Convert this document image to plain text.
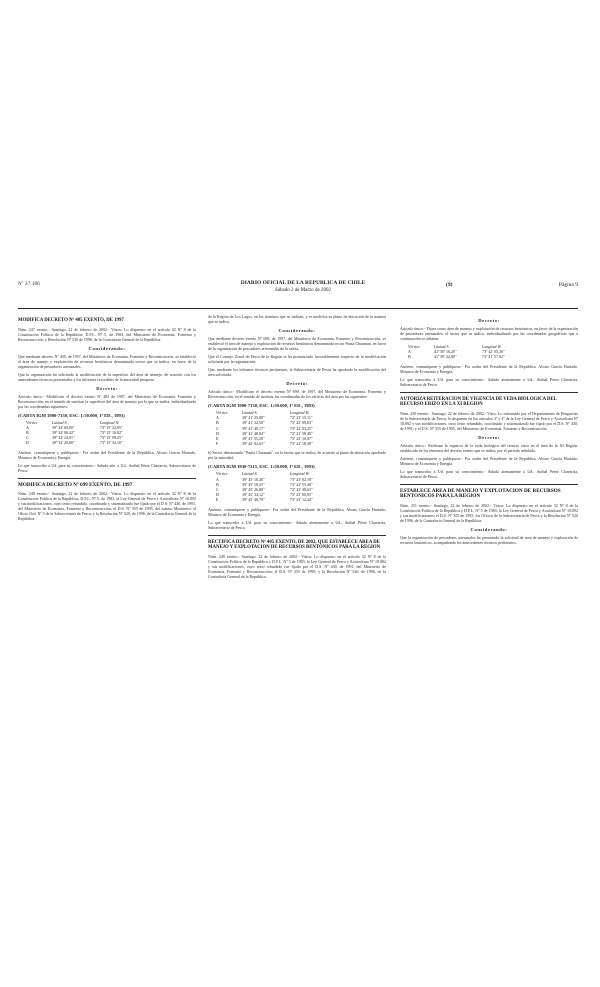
Nº 37.186	DIARIO OFICIAL DE LA REPUBLICA DE CHILE
Sábado 2 de Marzo de 2002
(9)	Página 9
MODIFICA DECRETO Nº 405 EXENTO, DE 1997

Núm. 247 exento.- Santiago, 22 de febrero de 2002.- Vistos: Lo dispuesto en el artículo 32 Nº 8 de la Constitución Política de la República; D.F.L. Nº 5, de 1983, del Ministerio de Economía, Fomento y Reconstrucción; y Resolución Nº 520 de 1996, de la Contraloría General de la República.

Considerando:

Que mediante decreto Nº 405, de 1997, del Ministerio de Economía, Fomento y Reconstrucción, se estableció el área de manejo y explotación de recursos bentónicos denominada sector que se indica, en favor de la organización de pescadores artesanales.

Que la organización ha solicitado la modificación de la superficie del área de manejo, de acuerdo con los antecedentes técnicos presentados y los informes favorables de la autoridad pesquera.

Decreto:

Artículo único.- Modifícase el decreto exento Nº 405 de 1997, del Ministerio de Economía, Fomento y Reconstrucción, en el sentido de sustituir la superficie del área de manejo por la que se indica, individualizada por las coordenadas siguientes:

(CARTA IGM 3900-7130, ESC. 1:50.000, 1ª ED., 1993)
Vértice	Latitud S.	Longitud W.
A	39º 34' 00,00"	73º 15' 22,95"
B	39º 34' 08,42"	73º 15' 16,82"
C	39º 34' 24,91"	73º 15' 09,25"
D	39º 34' 29,60"	73º 15' 32,10"

Anótese, comuníquese y publíquese.- Por orden del Presidente de la República, Alvaro García Hurtado, Ministro de Economía y Energía.

Lo que transcribo a Ud. para su conocimiento.- Saluda atte. a Ud., Aníbal Pérez Chavarría, Subsecretario de Pesca.

MODIFICA DECRETO Nº 699 EXENTO, DE 1997

Núm. 248 exento.- Santiago, 22 de febrero de 2002.- Vistos: Lo dispuesto en el artículo 32 Nº 8 de la Constitución Política de la República; D.F.L. Nº 5, de 1983, la Ley General de Pesca y Acuicultura Nº 18.892 y sus modificaciones, cuyo texto refundido, coordinado y sistematizado fue fijado por el D.S. Nº 430, de 1991, del Ministerio de Economía, Fomento y Reconstrucción; el D.S. Nº 355 de 1995, del mismo Ministerio; el Oficio Ord. Nº 3 de la Subsecretaría de Pesca; y la Resolución Nº 520, de 1996, de la Contraloría General de la República.

de la Región de Los Lagos, en los términos que se indican, y se modifica su plano de ubicación de la manera que se indica.

Considerando:

Que mediante decreto exento Nº 699, de 1997, del Ministerio de Economía, Fomento y Reconstrucción, se estableció el área de manejo y explotación de recursos bentónicos denominada sector Punta Chauman, en favor de la organización de pescadores artesanales de la caleta.

Que el Consejo Zonal de Pesca de la Región se ha pronunciado favorablemente respecto de la modificación solicitada por la organización.

Que, mediante los informes técnicos pertinentes, la Subsecretaría de Pesca ha aprobado la modificación del área solicitada.

Decreto:

Artículo único.- Modifícase el decreto exento Nº 699, de 1997, del Ministerio de Economía, Fomento y Reconstrucción, en el sentido de sustituir las coordenadas de los vértices del área por las siguientes:

(CARTA IGM 3900-7130, ESC. 1:50.000, 1ª ED., 1993)
Vértice	Latitud S.	Longitud W.
A	39º 41' 25,80"	73º 22' 15,11"
B	39º 41' 32,50"	73º 22' 09,63"
C	39º 41' 40,17"	73º 22' 03,25"
D	39º 41' 48,84"	73º 21' 58,40"
E	39º 41' 55,20"	73º 22' 10,07"
F	39º 42' 02,61"	73º 22' 18,30"

b) Sector denominado "Punta Chauman", en la forma que se indica, de acuerdo al plano de ubicación aprobado por la autoridad.

(CARTA IGM 3930-7315, ESC. 1:50.000, 1ª ED., 1993)
Vértice	Latitud S.	Longitud W.
A	39º 45' 10,40"	73º 23' 02,18"
B	39º 45' 18,25"	73º 22' 55,40"
C	39º 45' 26,80"	73º 22' 48,63"
D	39º 45' 34,12"	73º 23' 00,95"
E	39º 45' 40,70"	73º 23' 12,44"

Anótese, comuníquese y publíquese.- Por orden del Presidente de la República, Alvaro García Hurtado, Ministro de Economía y Energía.

Lo que transcribo a Ud. para su conocimiento.- Saluda atentamente a Ud., Aníbal Pérez Chavarría, Subsecretario de Pesca.

RECTIFICA DECRETO Nº 405 EXENTO, DE 2002, QUE ESTABLECE AREA DE MANEJO Y EXPLOTACION DE RECURSOS BENTONICOS PARA LA REGION

Núm. 249 exento.- Santiago, 22 de febrero de 2002.- Vistos: Lo dispuesto en el artículo 32 Nº 8 de la Constitución Política de la República y D.F.L. Nº 5 de 1983; la Ley General de Pesca y Acuicultura Nº 18.892 y sus modificaciones, cuyo texto refundido fue fijado por el D.S. Nº 430, de 1991, del Ministerio de Economía, Fomento y Reconstrucción; el D.S. Nº 355 de 1995; y la Resolución Nº 520, de 1996, de la Contraloría General de la República.

Decreto:

Artículo único.- Fíjase como área de manejo y explotación de recursos bentónicos, en favor de la organización de pescadores artesanales, el sector que se indica, individualizado por las coordenadas geográficas que a continuación se señalan:

Vértice	Latitud S.	Longitud W.
A	41º 50' 16,20"	73º 42' 05,30"
B	41º 50' 22,80"	73º 41' 57,02"

Anótese, comuníquese y publíquese.- Por orden del Presidente de la República, Alvaro García Hurtado, Ministro de Economía y Energía.

Lo que transcribo a Ud. para su conocimiento.- Saluda atentamente a Ud., Aníbal Pérez Chavarría, Subsecretario de Pesca.

AUTORIZA REITERACION DE VIGENCIA DE VEDA BIOLOGICA DEL RECURSO ERIZO EN LA XI REGION

Núm. 250 exento.- Santiago, 22 de febrero de 2002.- Visto: Lo informado por el Departamento de Pesquerías de la Subsecretaría de Pesca; lo dispuesto en los artículos 3º y 4º de la Ley General de Pesca y Acuicultura Nº 18.892 y sus modificaciones, cuyo texto refundido, coordinado y sistematizado fue fijado por el D.S. Nº 430, de 1991; y el D.S. Nº 355 de 1995, del Ministerio de Economía, Fomento y Reconstrucción.

Decreto:

Artículo único.- Reitérase la vigencia de la veda biológica del recurso erizo en el área de la XI Región, establecida en los términos del decreto exento que se indica, por el período señalado.

Anótese, comuníquese y publíquese.- Por orden del Presidente de la República, Alvaro García Hurtado, Ministro de Economía y Energía.

Lo que transcribo a Ud. para su conocimiento.- Saluda atentamente a Ud., Aníbal Pérez Chavarría, Subsecretario de Pesca.

ESTABLECE AREA DE MANEJO Y EXPLOTACION DE RECURSOS BENTONICOS PARA LA REGION

Núm. 251 exento.- Santiago, 22 de febrero de 2002.- Vistos: Lo dispuesto en el artículo 32 Nº 8 de la Constitución Política de la República y D.F.L. Nº 5 de 1983; la Ley General de Pesca y Acuicultura Nº 18.892 y sus modificaciones; el D.S. Nº 355 de 1995; los Oficios de la Subsecretaría de Pesca y la Resolución Nº 520 de 1996, de la Contraloría General de la República.

Considerando:

Que la organización de pescadores artesanales ha presentado la solicitud de área de manejo y explotación de recursos bentónicos, acompañando los antecedentes técnicos pertinentes.
